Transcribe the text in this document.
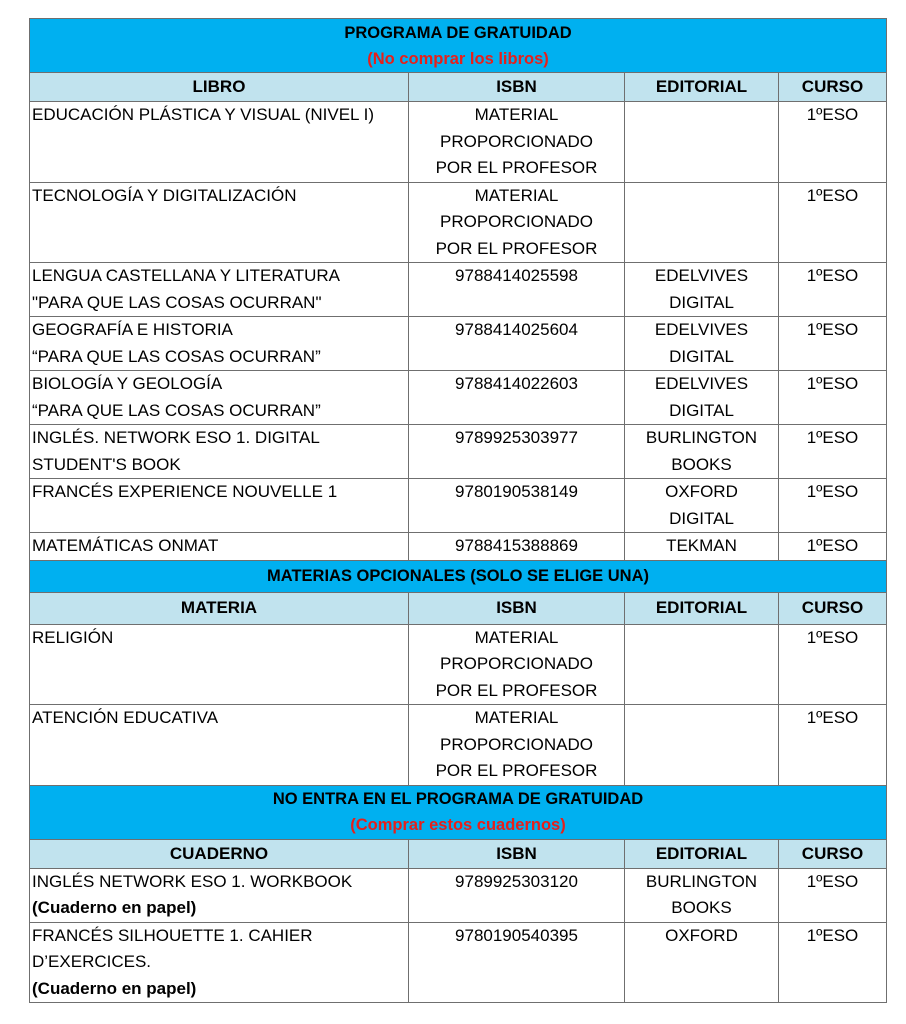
PROGRAMA DE GRATUIDAD
(No comprar los libros)			

LIBRO	ISBN	EDITORIAL	CURSO

EDUCACIÓN PLÁSTICA Y VISUAL (NIVEL I)	MATERIAL
PROPORCIONADO
POR EL PROFESOR		1ºESO

TECNOLOGÍA Y DIGITALIZACIÓN	MATERIAL
PROPORCIONADO
POR EL PROFESOR		1ºESO

LENGUA CASTELLANA Y LITERATURA
"PARA QUE LAS COSAS OCURRAN"	9788414025598	EDELVIVES
DIGITAL	1ºESO

GEOGRAFÍA E HISTORIA
“PARA QUE LAS COSAS OCURRAN”	9788414025604	EDELVIVES
DIGITAL	1ºESO

BIOLOGÍA Y GEOLOGÍA
“PARA QUE LAS COSAS OCURRAN”	9788414022603	EDELVIVES
DIGITAL	1ºESO

INGLÉS. NETWORK ESO 1. DIGITAL
STUDENT'S BOOK	9789925303977	BURLINGTON
BOOKS	1ºESO

FRANCÉS EXPERIENCE NOUVELLE 1	9780190538149	OXFORD
DIGITAL	1ºESO

MATEMÁTICAS ONMAT	9788415388869	TEKMAN	1ºESO

MATERIAS OPCIONALES (SOLO SE ELIGE UNA)			

MATERIA	ISBN	EDITORIAL	CURSO

RELIGIÓN	MATERIAL
PROPORCIONADO
POR EL PROFESOR		1ºESO

ATENCIÓN EDUCATIVA	MATERIAL
PROPORCIONADO
POR EL PROFESOR		1ºESO

NO ENTRA EN EL PROGRAMA DE GRATUIDAD
(Comprar estos cuadernos)			

CUADERNO	ISBN	EDITORIAL	CURSO

INGLÉS NETWORK ESO 1. WORKBOOK
(Cuaderno en papel)	9789925303120	BURLINGTON
BOOKS	1ºESO

FRANCÉS SILHOUETTE 1. CAHIER
D’EXERCICES.
(Cuaderno en papel)	9780190540395	OXFORD	1ºESO
